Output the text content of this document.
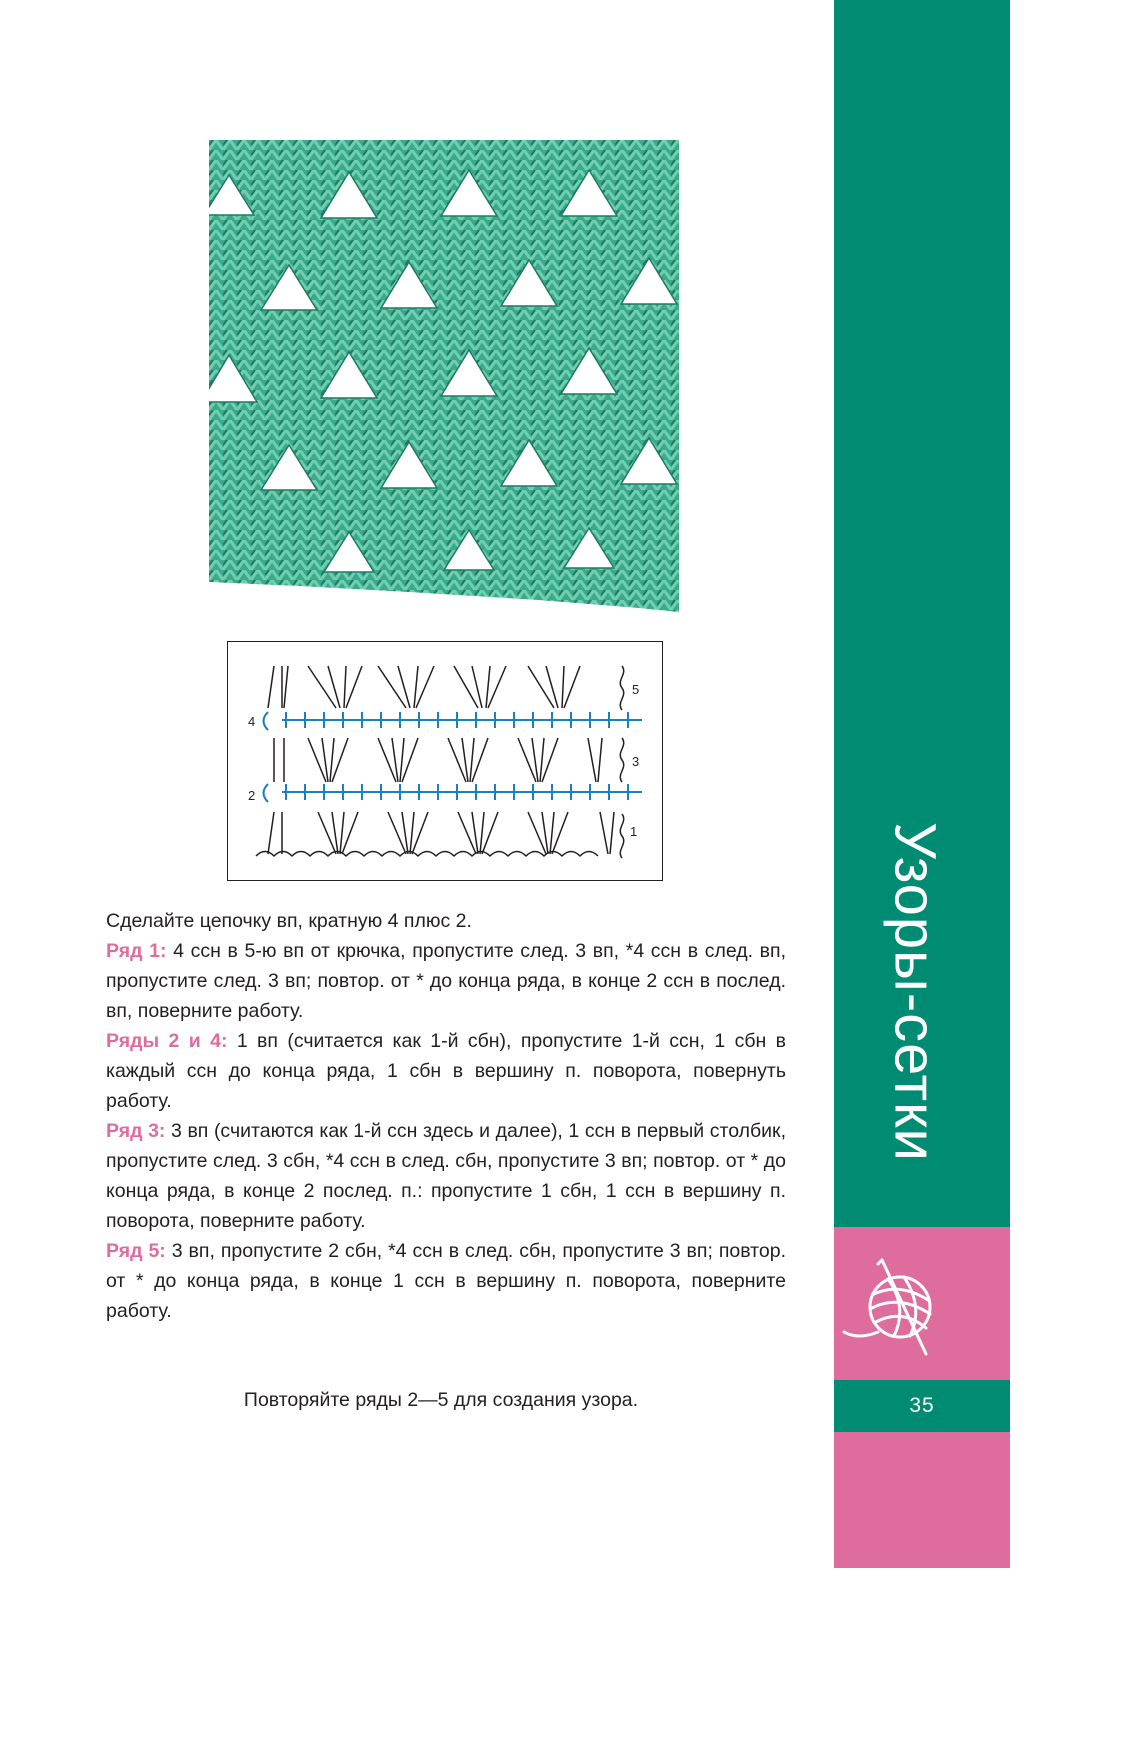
Узоры-сетки
35
5
4
3
2
1

Сделайте цепочку вп, кратную 4 плюс 2.

Ряд 1: 4 ссн в 5-ю вп от крючка, пропустите след. 3 вп, *4 ссн в след. вп, пропустите след. 3 вп; повтор. от * до конца ряда, в конце 2 ссн в послед. вп, поверните работу.

Ряды 2 и 4: 1 вп (считается как 1-й сбн), пропустите 1-й ссн, 1 сбн в каждый ссн до конца ряда, 1 сбн в вершину п. поворота, повернуть работу.

Ряд 3: 3 вп (считаются как 1-й ссн здесь и далее), 1 ссн в первый столбик, пропустите след. 3 сбн, *4 ссн в след. сбн, пропустите 3 вп; повтор. от * до конца ряда, в конце 2 послед. п.: пропустите 1 сбн, 1 ссн в вершину п. поворота, поверните работу.

Ряд 5: 3 вп, пропустите 2 сбн, *4 ссн в след. сбн, пропустите 3 вп; повтор. от * до конца ряда, в конце 1 ссн в вершину п. поворота, поверните работу.

Повторяйте ряды 2—5 для создания узора.
